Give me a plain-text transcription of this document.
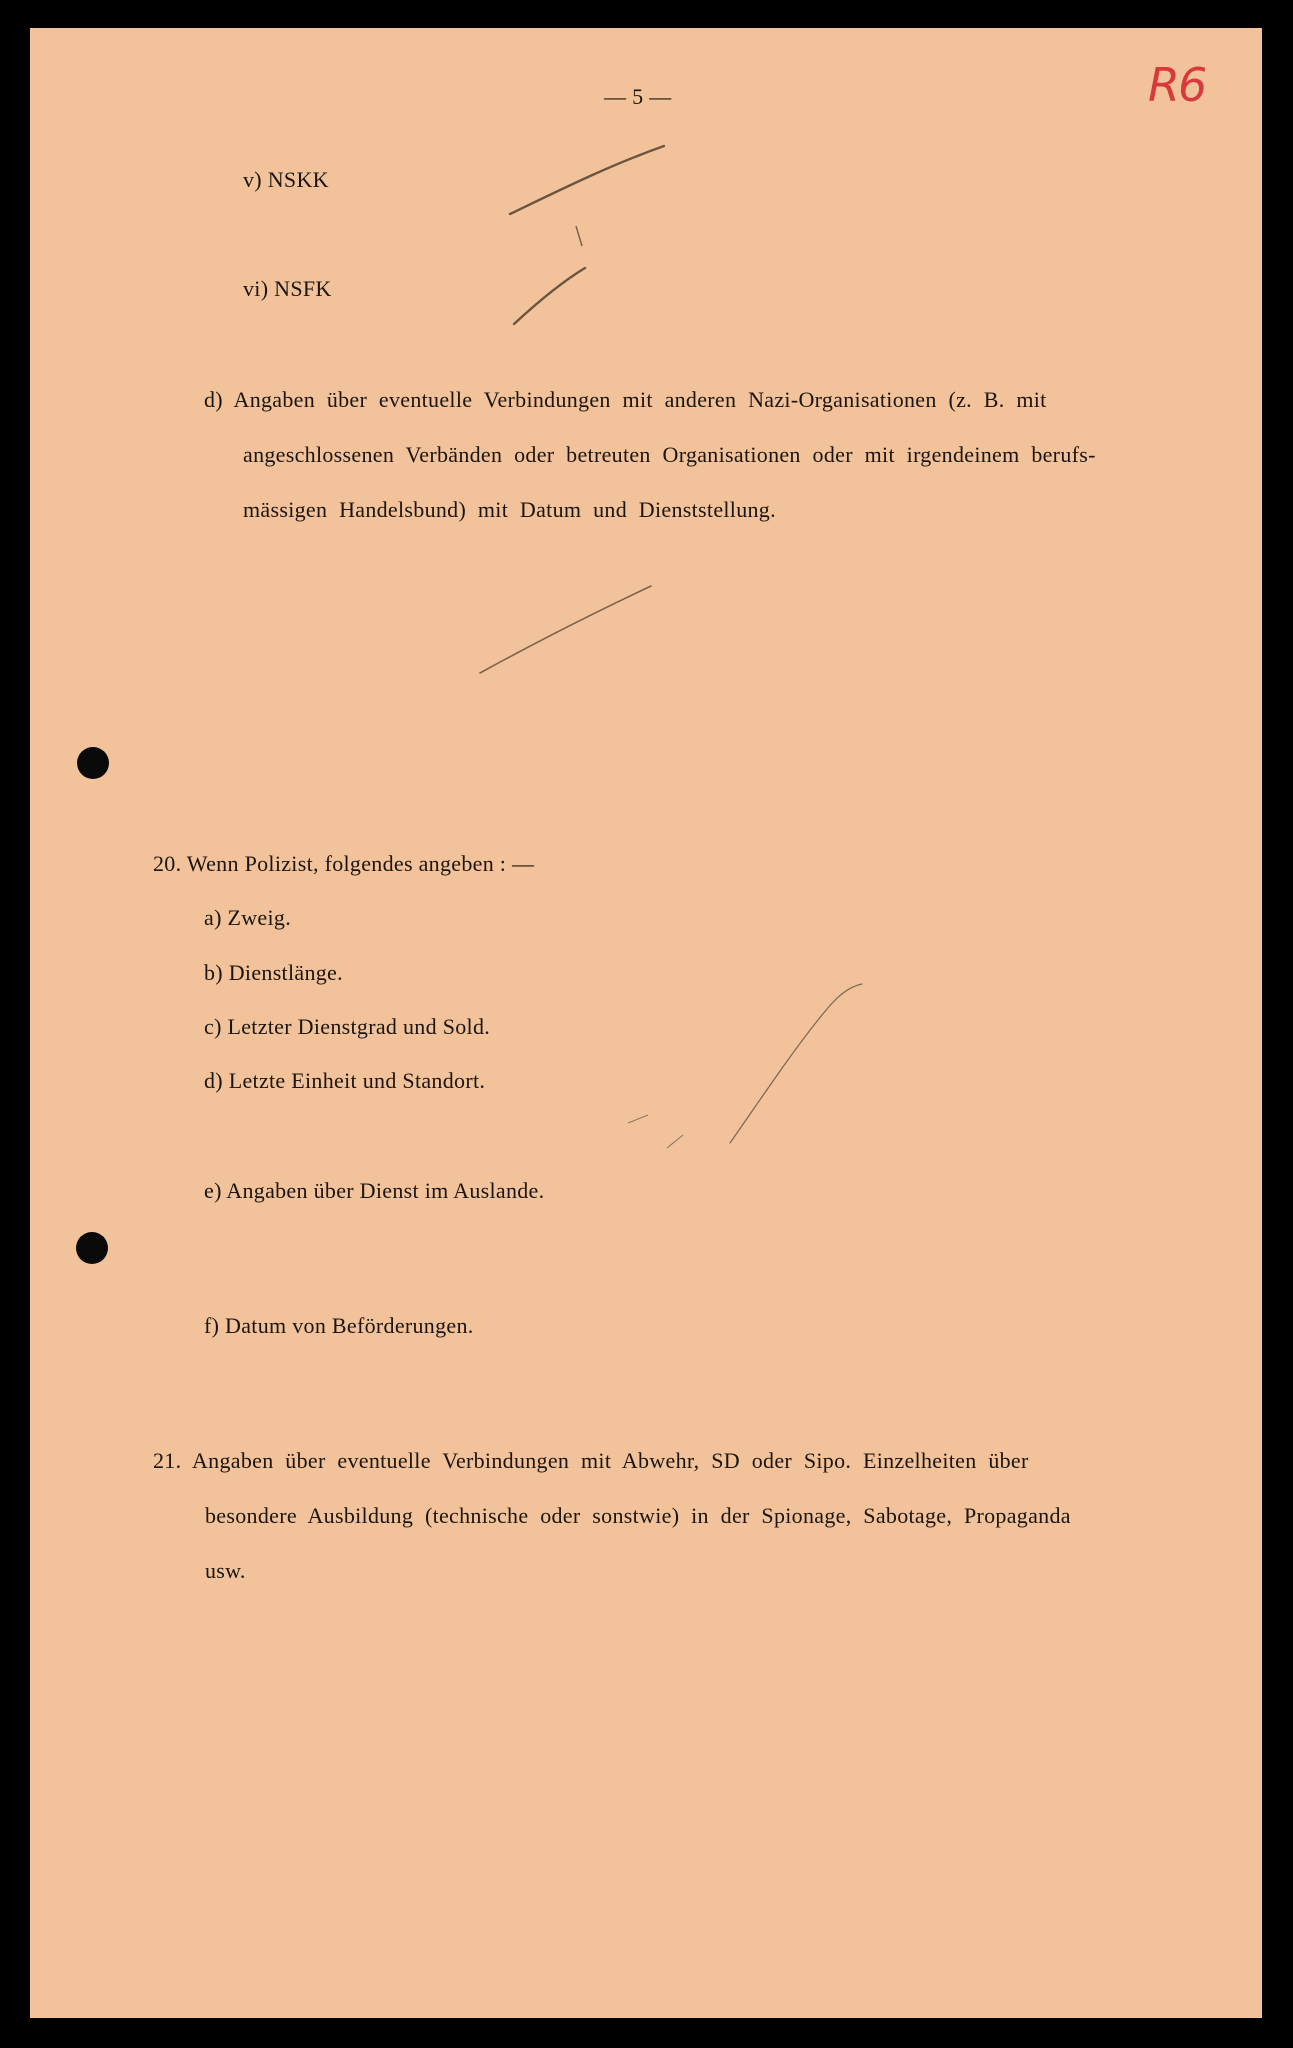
— 5 —	R6
v) NSKK
vi) NSFK
d) Angaben über eventuelle Verbindungen mit anderen Nazi-Organisationen (z. B. mit
angeschlossenen Verbänden oder betreuten Organisationen oder mit irgendeinem berufs-
mässigen Handelsbund) mit Datum und Dienststellung.
20. Wenn Polizist, folgendes angeben : —
a) Zweig.
b) Dienstlänge.
c) Letzter Dienstgrad und Sold.
d) Letzte Einheit und Standort.
e) Angaben über Dienst im Auslande.
f) Datum von Beförderungen.
21. Angaben über eventuelle Verbindungen mit Abwehr, SD oder Sipo. Einzelheiten über
besondere Ausbildung (technische oder sonstwie) in der Spionage, Sabotage, Propaganda
usw.
